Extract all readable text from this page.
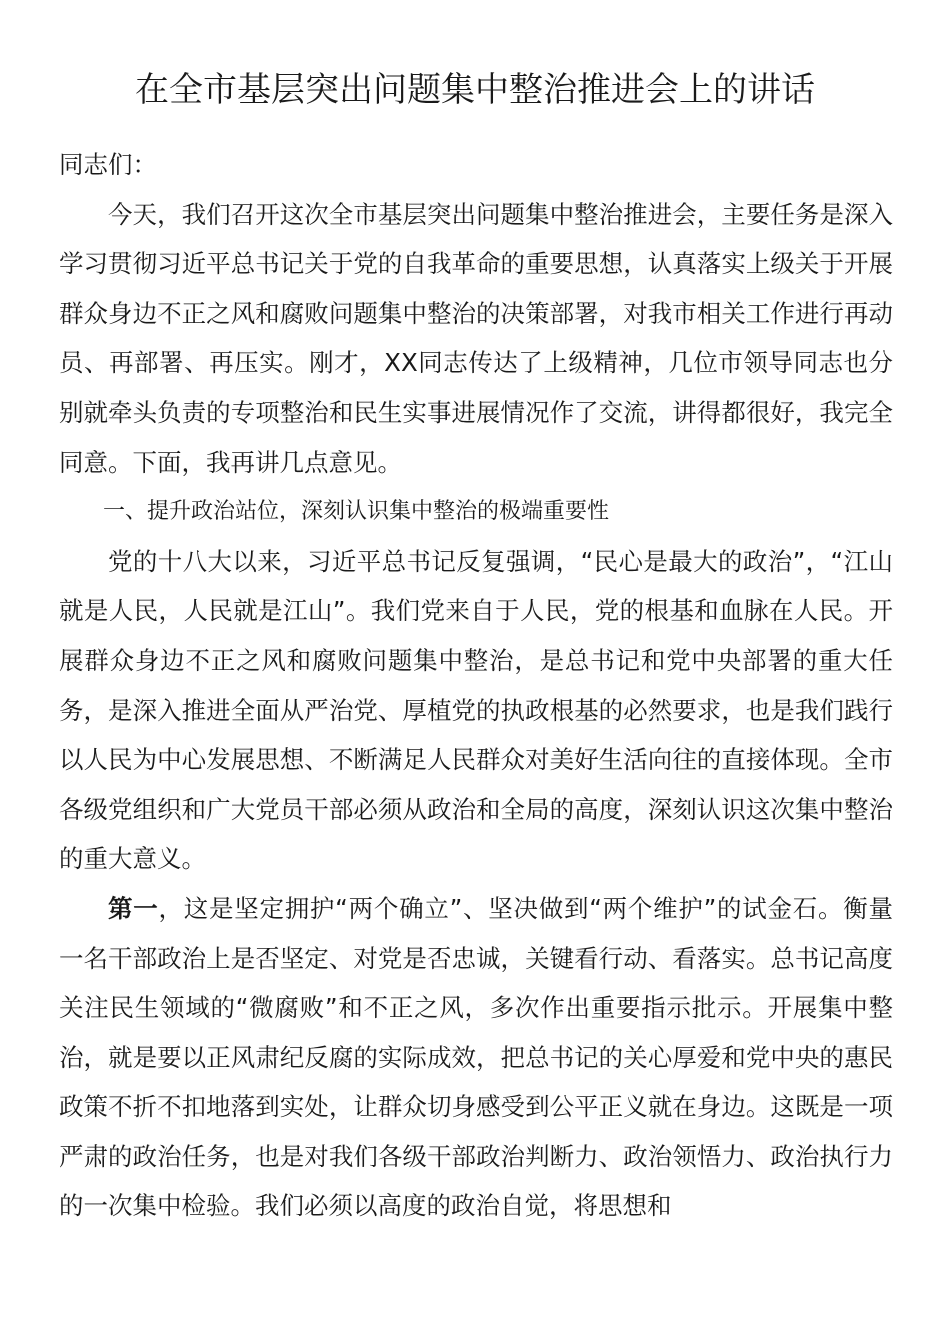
在全市基层突出问题集中整治推进会上的讲话

同志们：

今天，我们召开这次全市基层突出问题集中整治推进会，主要任务是深入学习贯彻习近平总书记关于党的自我革命的重要思想，认真落实上级关于开展群众身边不正之风和腐败问题集中整治的决策部署，对我市相关工作进行再动员、再部署、再压实。刚才，XX同志传达了上级精神，几位市领导同志也分别就牵头负责的专项整治和民生实事进展情况作了交流，讲得都很好，我完全同意。下面，我再讲几点意见。

一、提升政治站位，深刻认识集中整治的极端重要性

党的十八大以来，习近平总书记反复强调，“民心是最大的政治”，“江山就是人民，人民就是江山”。我们党来自于人民，党的根基和血脉在人民。开展群众身边不正之风和腐败问题集中整治，是总书记和党中央部署的重大任务，是深入推进全面从严治党、厚植党的执政根基的必然要求，也是我们践行以人民为中心发展思想、不断满足人民群众对美好生活向往的直接体现。全市各级党组织和广大党员干部必须从政治和全局的高度，深刻认识这次集中整治的重大意义。

第一，这是坚定拥护“两个确立”、坚决做到“两个维护”的试金石。衡量一名干部政治上是否坚定、对党是否忠诚，关键看行动、看落实。总书记高度关注民生领域的“微腐败”和不正之风，多次作出重要指示批示。开展集中整治，就是要以正风肃纪反腐的实际成效，把总书记的关心厚爱和党中央的惠民政策不折不扣地落到实处，让群众切身感受到公平正义就在身边。这既是一项严肃的政治任务，也是对我们各级干部政治判断力、政治领悟力、政治执行力的一次集中检验。我们必须以高度的政治自觉，将思想和
